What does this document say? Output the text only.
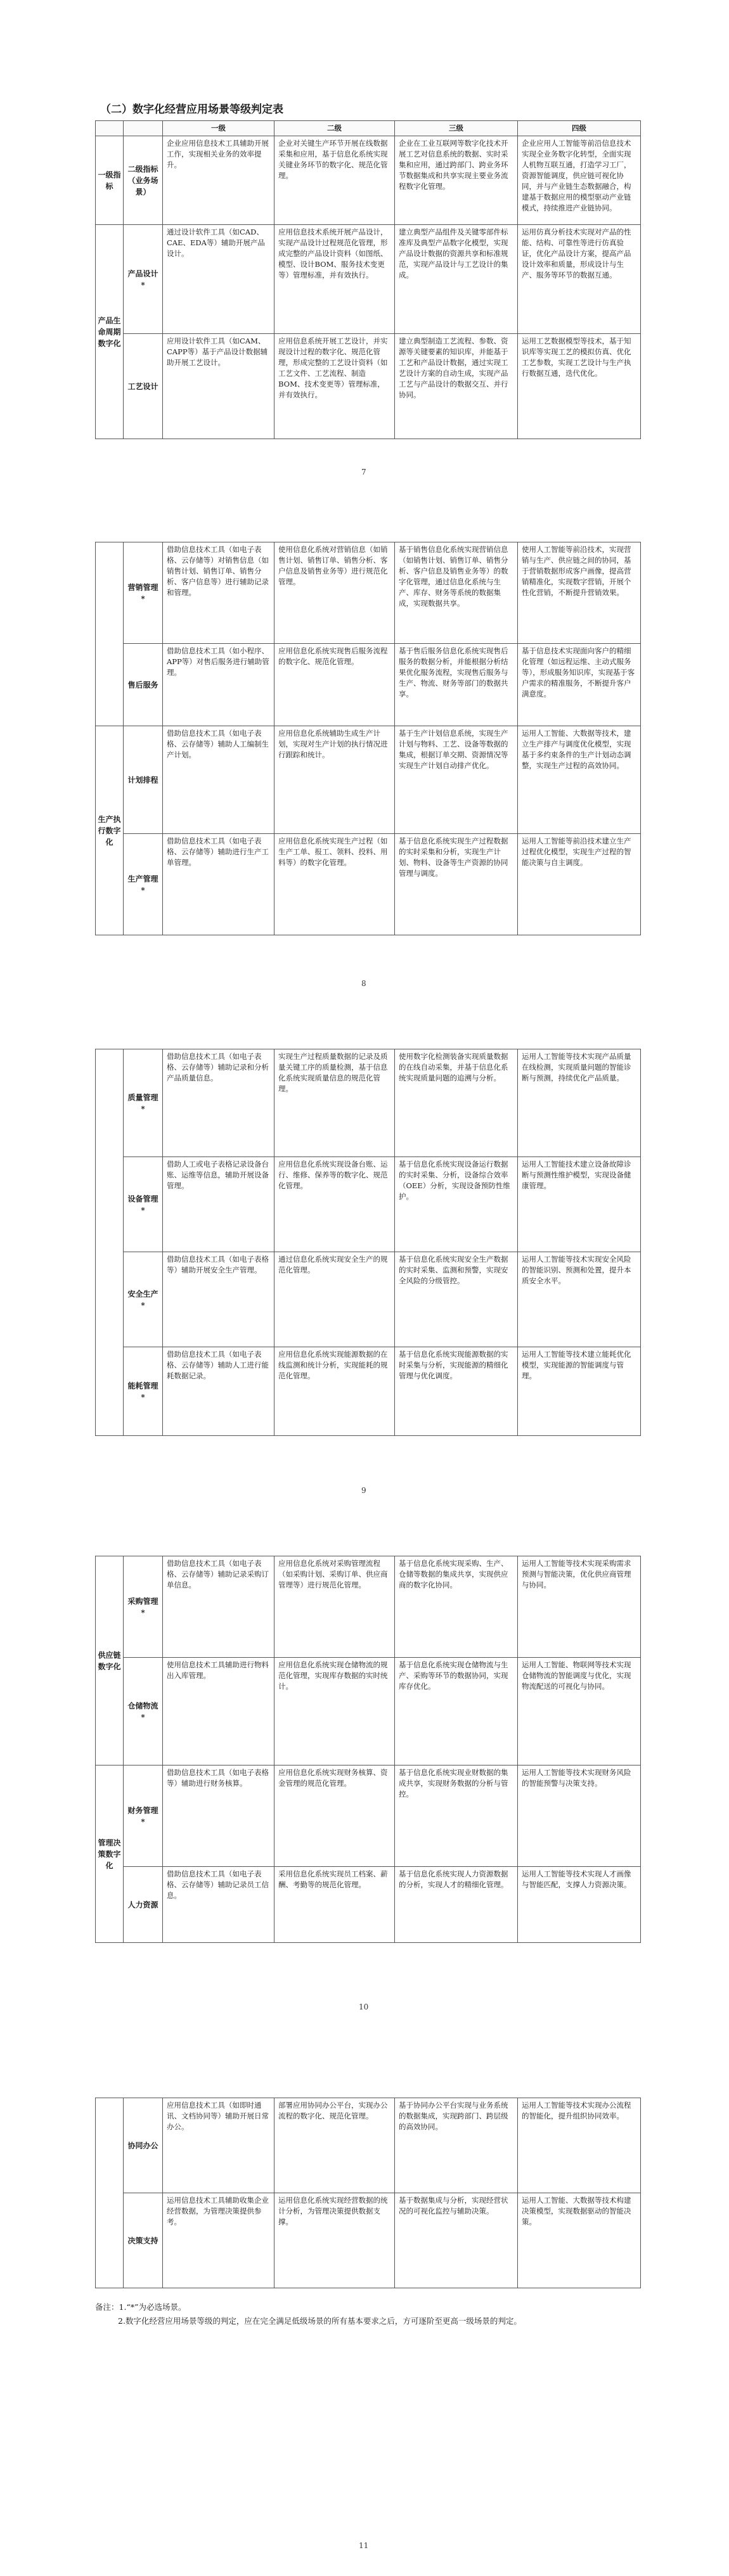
（二）数字化经营应用场景等级判定表
		一级	二级	三级	四级
一级指标	二级指标（业务场景）	企业应用信息技术工具辅助开展工作，实现相关业务的效率提升。	企业对关键生产环节开展在线数据采集和应用，基于信息化系统实现关键业务环节的数字化、规范化管理。	企业在工业互联网等数字化技术开展工艺对信息系统的数据、实时采集和应用，通过跨部门、跨业务环节数据集成和共享实现主要业务流程数字化管理。	企业应用人工智能等前沿信息技术实现全业务数字化转型，全面实现人机物互联互通，打造学习工厂，资源智能调度，供应链可视化协同，并与产业链生态数据融合，构建基于数据应用的模型驱动产业链模式，持续推进产业链协同。
产品生命周期数字化	产品设计*	通过设计软件工具（如CAD、CAE、EDA等）辅助开展产品设计。	应用信息技术系统开展产品设计，实现产品设计过程规范化管理，形成完整的产品设计资料（如图纸、模型、设计BOM、服务技术变更等）管理标准，并有效执行。	建立典型产品组件及关键零部件标准库及典型产品数字化模型，实现产品设计数据的资源共享和标准规范，实现产品设计与工艺设计的集成。	运用仿真分析技术实现对产品的性能、结构、可靠性等进行仿真验证，优化产品设计方案，提高产品设计效率和质量，形成设计与生产、服务等环节的数据互通。
	工艺设计	应用设计软件工具（如CAM、CAPP等）基于产品设计数据辅助开展工艺设计。	应用信息系统开展工艺设计，并实现设计过程的数字化、规范化管理，形成完整的工艺设计资料（如工艺文件、工艺流程、制造BOM、技术变更等）管理标准，并有效执行。	建立典型制造工艺流程、参数、资源等关键要素的知识库，并能基于工艺和产品设计数据，通过实现工艺设计方案的自动生成，实现产品工艺与产品设计的数据交互、并行协同。	运用工艺数据模型等技术，基于知识库等实现工艺的模拟仿真、优化工艺参数，实现工艺设计与生产执行数据互通，迭代优化。
7
	营销管理*	借助信息技术工具（如电子表格、云存储等）对销售信息（如销售计划、销售订单、销售分析、客户信息等）进行辅助记录和管理。	使用信息化系统对营销信息（如销售计划、销售订单、销售分析、客户信息及销售业务等）进行规范化管理。	基于销售信息化系统实现营销信息（如销售计划、销售订单、销售分析、客户信息及销售业务等）的数字化管理，通过信息化系统与生产、库存、财务等系统的数据集成，实现数据共享。	使用人工智能等前沿技术，实现营销与生产、供应链之间的协同，基于营销数据形成客户画像，提高营销精准化，实现数字营销，开展个性化营销，不断提升营销效果。
	售后服务	借助信息技术工具（如小程序、APP等）对售后服务进行辅助管理。	应用信息化系统实现售后服务流程的数字化、规范化管理。	基于售后服务信息化系统实现售后服务的数据分析，并能根据分析结果优化服务流程，实现售后服务与生产、物流、财务等部门的数据共享。	基于信息技术实现面向客户的精细化管理（如远程运维、主动式服务等），形成服务知识库，实现基于客户需求的精准服务，不断提升客户满意度。
生产执行数字化	计划排程	借助信息技术工具（如电子表格、云存储等）辅助人工编制生产计划。	应用信息化系统辅助生成生产计划，实现对生产计划的执行情况进行跟踪和统计。	基于生产计划信息系统，实现生产计划与物料、工艺、设备等数据的集成，根据订单交期、资源情况等实现生产计划自动排产优化。	运用人工智能、大数据等技术，建立生产排产与调度优化模型，实现基于多约束条件的生产计划动态调整，实现生产过程的高效协同。
	生产管理*	借助信息技术工具（如电子表格、云存储等）辅助进行生产工单管理。	应用信息化系统实现生产过程（如生产工单、报工、领料、投料、用料等）的数字化管理。	基于信息化系统实现生产过程数据的实时采集和分析，实现生产计划、物料、设备等生产资源的协同管理与调度。	运用人工智能等前沿技术建立生产过程优化模型，实现生产过程的智能决策与自主调度。
8
	质量管理*	借助信息技术工具（如电子表格、云存储等）辅助记录和分析产品质量信息。	实现生产过程质量数据的记录及质量关键工序的质量检测，基于信息化系统实现质量信息的规范化管理。	使用数字化检测装备实现质量数据的在线自动采集，并基于信息化系统实现质量问题的追溯与分析。	运用人工智能等技术实现产品质量在线检测，实现质量问题的智能诊断与预测，持续优化产品质量。
	设备管理*	借助人工或电子表格记录设备台账、运维等信息，辅助开展设备管理。	应用信息化系统实现设备台账、运行、维修、保养等的数字化、规范化管理。	基于信息化系统实现设备运行数据的实时采集、分析，设备综合效率（OEE）分析，实现设备预防性维护。	运用人工智能技术建立设备故障诊断与预测性维护模型，实现设备健康管理。
	安全生产*	借助信息技术工具（如电子表格等）辅助开展安全生产管理。	通过信息化系统实现安全生产的规范化管理。	基于信息化系统实现安全生产数据的实时采集、监测和预警，实现安全风险的分级管控。	运用人工智能等技术实现安全风险的智能识别、预测和处置，提升本质安全水平。
	能耗管理*	借助信息技术工具（如电子表格、云存储等）辅助人工进行能耗数据记录。	应用信息化系统实现能源数据的在线监测和统计分析，实现能耗的规范化管理。	基于信息化系统实现能源数据的实时采集与分析，实现能源的精细化管理与优化调度。	运用人工智能等技术建立能耗优化模型，实现能源的智能调度与管理。
9
供应链数字化	采购管理*	借助信息技术工具（如电子表格、云存储等）辅助记录采购订单信息。	应用信息化系统对采购管理流程（如采购计划、采购订单、供应商管理等）进行规范化管理。	基于信息化系统实现采购、生产、仓储等数据的集成共享，实现供应商的数字化协同。	运用人工智能等技术实现采购需求预测与智能决策，优化供应商管理与协同。
	仓储物流*	使用信息技术工具辅助进行物料出入库管理。	应用信息化系统实现仓储物流的规范化管理，实现库存数据的实时统计。	基于信息化系统实现仓储物流与生产、采购等环节的数据协同，实现库存优化。	运用人工智能、物联网等技术实现仓储物流的智能调度与优化，实现物流配送的可视化与协同。
管理决策数字化	财务管理*	借助信息技术工具（如电子表格等）辅助进行财务核算。	应用信息化系统实现财务核算、资金管理的规范化管理。	基于信息化系统实现业财数据的集成共享，实现财务数据的分析与管控。	运用人工智能等技术实现财务风险的智能预警与决策支持。
	人力资源	借助信息技术工具（如电子表格、云存储等）辅助记录员工信息。	采用信息化系统实现员工档案、薪酬、考勤等的规范化管理。	基于信息化系统实现人力资源数据的分析，实现人才的精细化管理。	运用人工智能等技术实现人才画像与智能匹配，支撑人力资源决策。
10
	协同办公	应用信息技术工具（如即时通讯、文档协同等）辅助开展日常办公。	部署应用协同办公平台，实现办公流程的数字化、规范化管理。	基于协同办公平台实现与业务系统的数据集成，实现跨部门、跨层级的高效协同。	运用人工智能等技术实现办公流程的智能化，提升组织协同效率。
	决策支持	运用信息技术工具辅助收集企业经营数据，为管理决策提供参考。	运用信息化系统实现经营数据的统计分析，为管理决策提供数据支撑。	基于数据集成与分析，实现经营状况的可视化监控与辅助决策。	运用人工智能、大数据等技术构建决策模型，实现数据驱动的智能决策。

备注：1.“*”为必选场景。

2.数字化经营应用场景等级的判定，应在完全满足低级场景的所有基本要求之后，方可逐阶至更高一级场景的判定。

11
